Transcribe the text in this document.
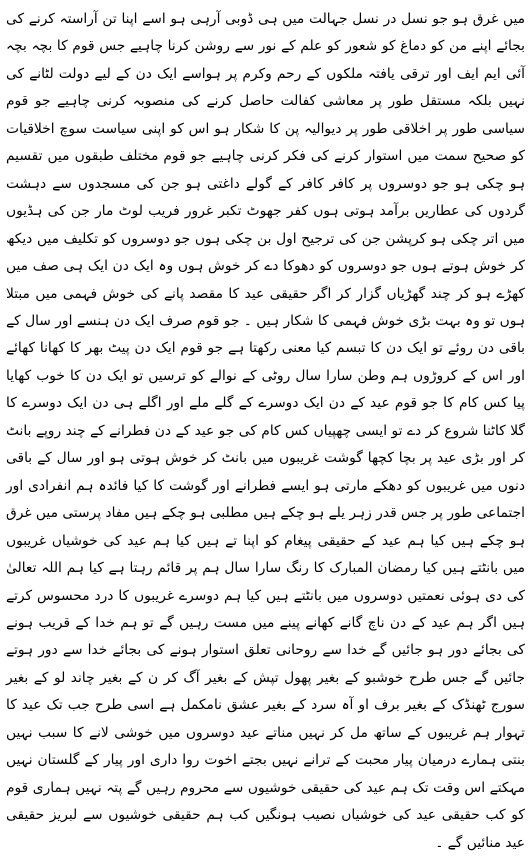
میں غرق ہو جو نسل در نسل جہالت میں ہی ڈوبی آرہی ہو اسے اپنا تن آراستہ کرنے کی بجائے اپنے من کو دماغ کو شعور کو علم کے نور سے روشن کرنا چاہیے جس قوم کا بچہ بچہ آئی ایم ایف اور ترقی یافتہ ملکوں کے رحم وکرم پر ہواسے ایک دن کے لیے دولت لٹانے کی نہیں بلکہ مستقل طور پر معاشی کفالت حاصل کرنے کی منصوبہ کرنی چاہیے جو قوم سیاسی طور پر اخلاقی طور پر دیوالیہ پن کا شکار ہو اس کو اپنی سیاست سوچ اخلاقیات کو صحیح سمت میں استوار کرنے کی فکر کرنی چاہیے جو قوم مختلف طبقوں میں تقسیم ہو چکی ہو جو دوسروں پر کافر کافر کے گولے داغتی ہو جن کی مسجدوں سے دہشت گردوں کی عطاریں برآمد ہوتی ہوں کفر جھوٹ تکبر غرور فریب لوٹ مار جن کی ہڈیوں میں اتر چکی ہو کرپشن جن کی ترجیح اول بن چکی ہوں جو دوسروں کو تکلیف میں دیکھ کر خوش ہوتے ہوں جو دوسروں کو دھوکا دے کر خوش ہوں وہ ایک دن ایک ہی صف میں کھڑے ہو کر چند گھڑیاں گزار کر اگر حقیقی عید کا مقصد پانے کی خوش فہمی میں مبتلا ہوں تو وہ بہت بڑی خوش فہمی کا شکار ہیں ۔ جو قوم صرف ایک دن ہنسے اور سال کے باقی دن روئے تو ایک دن کا تبسم کیا معنی رکھتا ہے جو قوم ایک دن پیٹ بھر کا کھانا کھائے اور اس کے کروڑوں ہم وطن سارا سال روٹی کے نوالے کو ترسیں تو ایک دن کا خوب کھایا پیا کس کام کا جو قوم عید کے دن ایک دوسرے کے گلے ملے اور اگلے ہی دن ایک دوسرے کا گلا کاٹنا شروع کر دے تو ایسی چھپیاں کس کام کی جو عید کے دن فطرانے کے چند روپے بانٹ کر اور بڑی عید پر بچا کچھا گوشت غریبوں میں بانٹ کر خوش ہوتی ہو اور سال کے باقی دنوں میں غریبوں کو دھکے مارتی ہو ایسے فطرانے اور گوشت کا کیا فائدہ ہم انفرادی اور اجتماعی طور پر جس قدر زہر یلے ہو چکے ہیں مطلبی ہو چکے ہیں مفاد پرستی میں غرق ہو چکے ہیں کیا ہم عید کے حقیقی پیغام کو اپنا تے ہیں کیا ہم عید کی خوشیاں غریبوں میں بانٹتے ہیں کیا رمضان المبارک کا رنگ سارا سال ہم پر قائم رہتا ہے کیا ہم اللہ تعالیٰ کی دی ہوئی نعمتیں دوسروں میں بانٹتے ہیں کیا ہم دوسرے غریبوں کا درد محسوس کرتے ہیں اگر ہم عید کے دن ناچ گانے کھانے پینے میں مست رہیں گے تو ہم خدا کے قریب ہونے کی بجائے دور ہو جائیں گے خدا سے روحانی تعلق استوار ہونے کی بجائے خدا سے دور ہوتے جائیں گے جس طرح خوشبو کے بغیر پھول تپش کے بغیر آگ کر ن کے بغیر چاند لو کے بغیر سورج ٹھنڈک کے بغیر برف او آہ سرد کے بغیر عشق نامکمل ہے اسی طرح جب تک عید کا تہوار ہم غریبوں کے ساتھ مل کر نہیں مناتے عید دوسروں میں خوشی لانے کا سبب نہیں بنتی ہمارے درمیان پیار محبت کے ترانے نہیں بجتے اخوت روا داری اور پیار کے گلستان نہیں مہکتے اس وقت تک ہم عید کی حقیقی خوشیوں سے محروم رہیں گے پتہ نہیں ہماری قوم کو کب حقیقی عید کی خوشیاں نصیب ہونگیں کب ہم حقیقی خوشیوں سے لبریز حقیقی عید منائیں گے ۔
